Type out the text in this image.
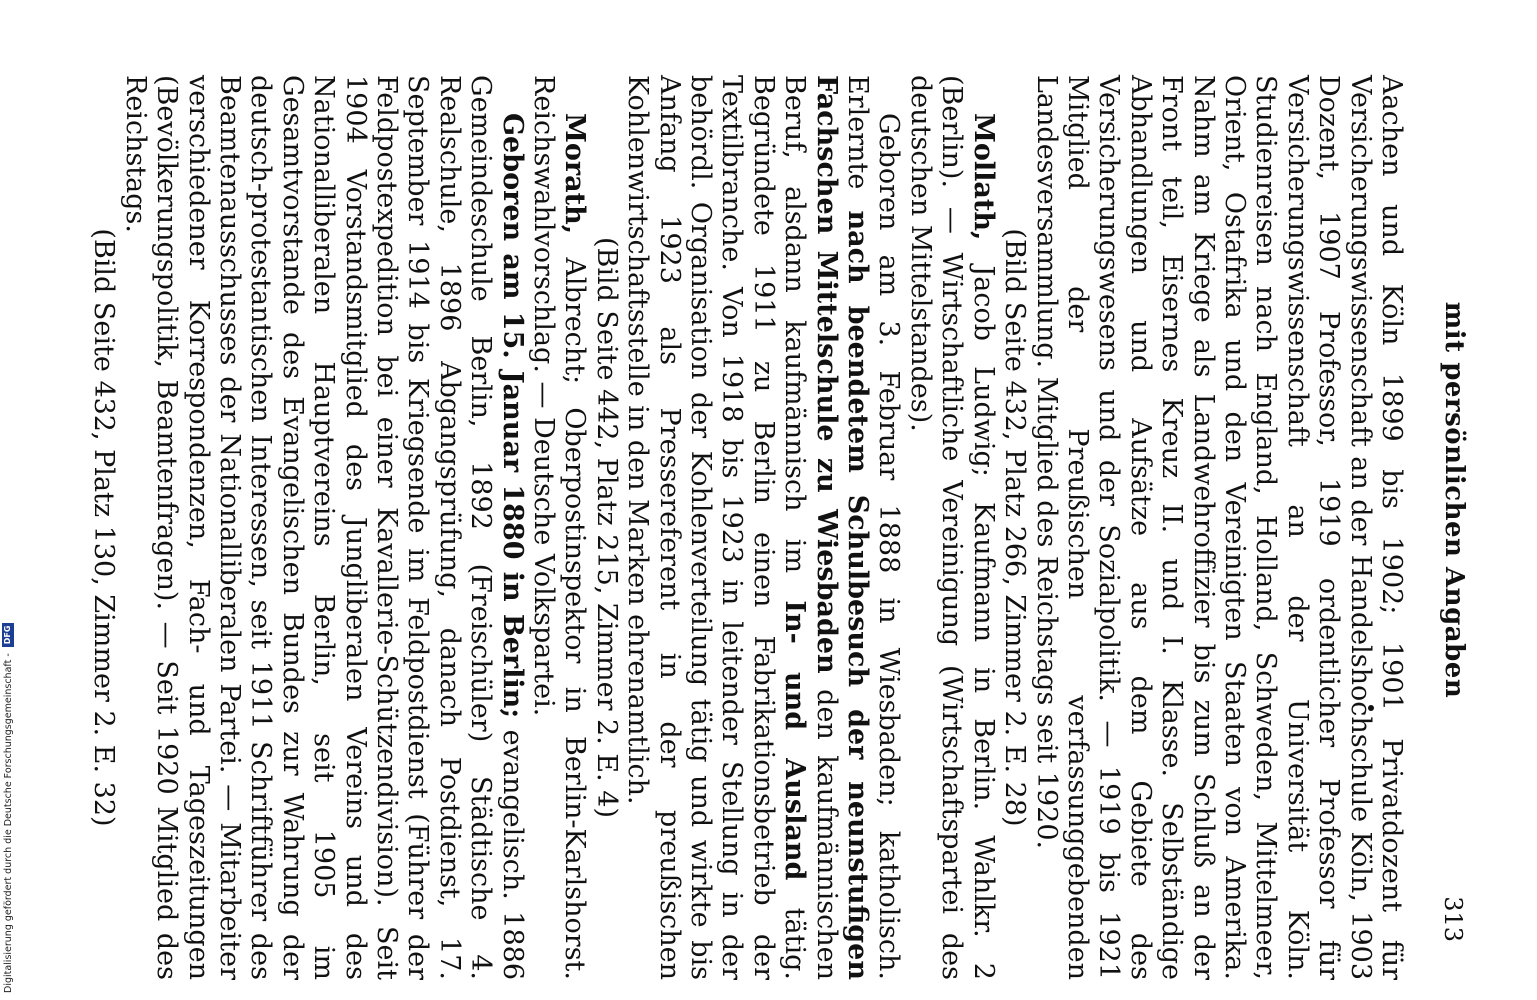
mit persönlichen Angaben
313

Aachen und Köln 1899 bis 1902; 1901 Privatdozent für Versicherungswissenschaft an der Handelshochschule Köln, 1903 Dozent, 1907 Professor, 1919 ordentlicher Professor für Versicherungswissenschaft an der Universität Köln. Studienreisen nach England, Holland, Schweden, Mittelmeer, Orient, Ostafrika und den Vereinigten Staaten von Amerika. Nahm am Kriege als Landwehroffizier bis zum Schluß an der Front teil, Eisernes Kreuz II. und I. Klasse. Selbständige Abhandlungen und Aufsätze aus dem Gebiete des Versicherungswesens und der Sozialpolitik. — 1919 bis 1921 Mitglied der Preußischen verfassunggebenden Landesversammlung. Mitglied des Reichstags seit 1920.

(Bild Seite 432, Platz 266, Zimmer 2. E. 28)

Mollath, Jacob Ludwig; Kaufmann in Berlin. Wahlkr. 2 (Berlin). — Wirtschaftliche Vereinigung (Wirtschaftspartei des deutschen Mittelstandes).

Geboren am 3. Februar 1888 in Wiesbaden; katholisch. Erlernte nach beendetem Schulbesuch der neunstufigen Fachschen Mittelschule zu Wiesbaden den kaufmännischen Beruf, alsdann kaufmännisch im In- und Ausland tätig. Begründete 1911 zu Berlin einen Fabrikationsbetrieb der Textilbranche. Von 1918 bis 1923 in leitender Stellung in der behördl. Organisation der Kohlenverteilung tätig und wirkte bis Anfang 1923 als Pressereferent in der preußischen Kohlenwirtschaftsstelle in den Marken ehrenamtlich.

(Bild Seite 442, Platz 215, Zimmer 2. E. 4)

Morath, Albrecht; Oberpostinspektor in Berlin-Karlshorst. Reichswahlvorschlag. — Deutsche Volkspartei.

Geboren am 15. Januar 1880 in Berlin; evangelisch. 1886 Gemeindeschule Berlin, 1892 (Freischüler) Städtische 4. Realschule, 1896 Abgangsprüfung, danach Postdienst, 17. September 1914 bis Kriegsende im Feldpostdienst (Führer der Feldpostexpedition bei einer Kavallerie-Schützendivision). Seit 1904 Vorstandsmitglied des Jungliberalen Vereins und des Nationalliberalen Hauptvereins Berlin, seit 1905 im Gesamtvorstande des Evangelischen Bundes zur Wahrung der deutsch-protestantischen Interessen, seit 1911 Schriftführer des Beamtenausschusses der Nationalliberalen Partei. — Mitarbeiter verschiedener Korrespondenzen, Fach- und Tageszeitungen (Bevölkerungspolitik, Beamtenfragen). — Seit 1920 Mitglied des Reichstags.

(Bild Seite 432, Platz 130, Zimmer 2. E. 32)

Digitalisierung gefördert durch die Deutsche Forschungsgemeinschaft -
DFG
